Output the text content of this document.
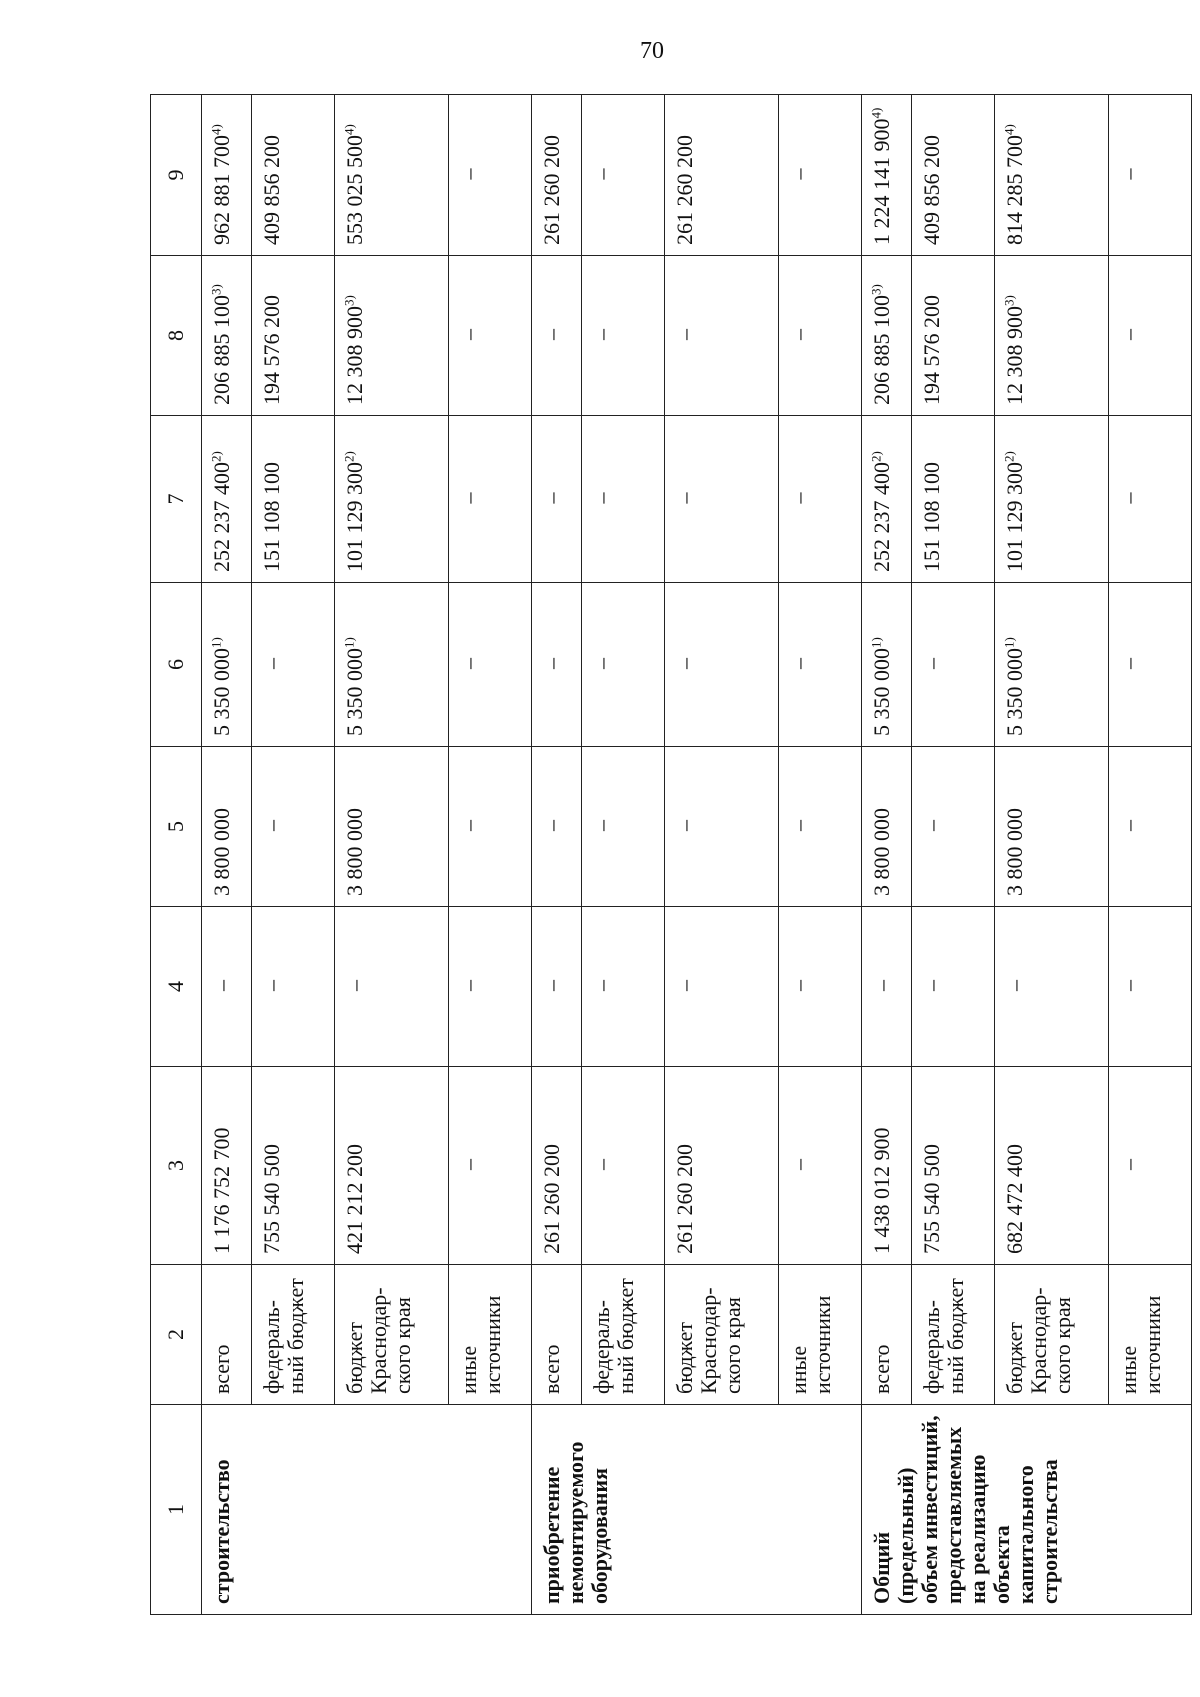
70
1	2	3	4	5	6	7	8	9
строительство	всего	1 176 752 700	–	3 800 000	5 350 000$^{1)}$	252 237 400$^{2)}$	206 885 100$^{3)}$	962 881 700$^{4)}$
	федераль-ный бюджет	755 540 500	–	–	–	151 108 100	194 576 200	409 856 200
	бюджет Краснодар-ского края	421 212 200	–	3 800 000	5 350 000$^{1)}$	101 129 300$^{2)}$	12 308 900$^{3)}$	553 025 500$^{4)}$
	иные источники	–	–	–	–	–	–	–
приобретение немонтируемого оборудования	всего	261 260 200	–	–	–	–	–	261 260 200
	федераль-ный бюджет	–	–	–	–	–	–	–
	бюджет Краснодар-ского края	261 260 200	–	–	–	–	–	261 260 200
	иные источники	–	–	–	–	–	–	–
Общий (предельный) объем инвестиций, предоставляемых на реализацию объекта капитального строительства	всего	1 438 012 900	–	3 800 000	5 350 000$^{1)}$	252 237 400$^{2)}$	206 885 100$^{3)}$	1 224 141 900$^{4)}$
	федераль-ный бюджет	755 540 500	–	–	–	151 108 100	194 576 200	409 856 200
	бюджет Краснодар-ского края	682 472 400	–	3 800 000	5 350 000$^{1)}$	101 129 300$^{2)}$	12 308 900$^{3)}$	814 285 700$^{4)}$
	иные источники	–	–	–	–	–	–	–
